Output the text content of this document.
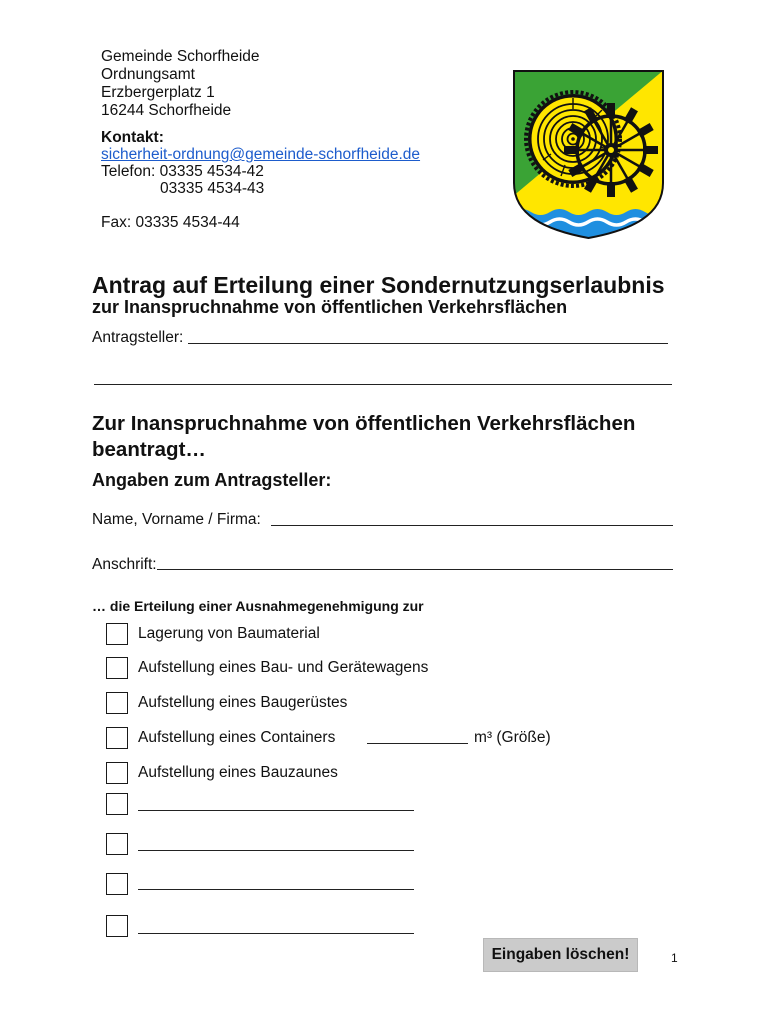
Gemeinde Schorfheide
Ordnungsamt
Erzbergerplatz 1
16244 Schorfheide
Kontakt:
sicherheit-ordnung@gemeinde-schorfheide.de
Telefon: 03335 4534-42
03335 4534-43
Fax: 03335 4534-44
Antrag auf Erteilung einer Sondernutzungserlaubnis
zur Inanspruchnahme von öffentlichen Verkehrsflächen
Antragsteller:
Zur Inanspruchnahme von öffentlichen Verkehrsflächen
beantragt…
Angaben zum Antragsteller:
Name, Vorname / Firma:
Anschrift:
… die Erteilung einer Ausnahmegenehmigung zur
Lagerung von Baumaterial
Aufstellung eines Bau- und Gerätewagens
Aufstellung eines Baugerüstes
Aufstellung eines Containers	m³ (Größe)
Aufstellung eines Bauzaunes
Eingaben löschen!	1
